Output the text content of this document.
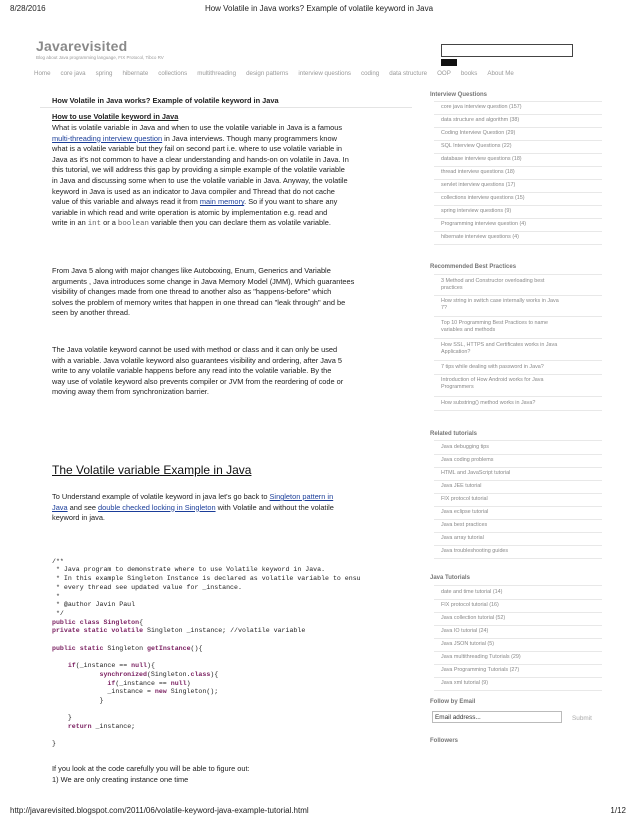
8/28/2016	How Volatile in Java works? Example of volatile keyword in Java
Javarevisited
Blog about Java programming language, FIX Protocol, Tibco RV
Home core java spring hibernate collections multithreading design patterns interview questions coding data structure OOP books About Me
How Volatile in Java works? Example of volatile keyword in Java
How to use Volatile keyword in Java
What is volatile variable in Java and when to use the volatile variable in Java is a famous
multi-threading interview question in Java interviews. Though many programmers know
what is a volatile variable but they fail on second part i.e. where to use volatile variable in
Java as it's not common to have a clear understanding and hands-on on volatile in Java. In
this tutorial, we will address this gap by providing a simple example of the volatile variable
in Java and discussing some when to use the volatile variable in Java. Anyway, the volatile
keyword in Java is used as an indicator to Java compiler and Thread that do not cache
value of this variable and always read it from main memory. So if you want to share any
variable in which read and write operation is atomic by implementation e.g. read and
write in an int or a boolean variable then you can declare them as volatile variable.
From Java 5 along with major changes like Autoboxing, Enum, Generics and Variable
arguments , Java introduces some change in Java Memory Model (JMM), Which guarantees
visibility of changes made from one thread to another also as "happens-before" which
solves the problem of memory writes that happen in one thread can "leak through" and be
seen by another thread.
The Java volatile keyword cannot be used with method or class and it can only be used
with a variable. Java volatile keyword also guarantees visibility and ordering, after Java 5
write to any volatile variable happens before any read into the volatile variable. By the
way use of volatile keyword also prevents compiler or JVM from the reordering of code or
moving away them from synchronization barrier.
The Volatile variable Example in Java
To Understand example of volatile keyword in java let's go back to Singleton pattern in
Java and see double checked locking in Singleton with Volatile and without the volatile
keyword in java.

/**
* Java program to demonstrate where to use Volatile keyword in Java.
* In this example Singleton Instance is declared as volatile variable to ensu
* every thread see updated value for _instance.
*
* @author Javin Paul
*/
public class Singleton{
private static volatile Singleton _instance; //volatile variable

public static Singleton getInstance(){

if(_instance == null){
synchronized(Singleton.class){
if(_instance == null)
_instance = new Singleton();
}

}
return _instance;

}

If you look at the code carefully you will be able to figure out:
1) We are only creating instance one time
Interview Questions
core java interview question (157)
data structure and algorithm (38)
Coding Interview Question (29)
SQL Interview Questions (22)
database interview questions (18)
thread interview questions (18)
servlet interview questions (17)
collections interview questions (15)
spring interview questions (9)
Programming interview question (4)
hibernate interview questions (4)
Recommended Best Practices
3 Method and Constructor overloading best
practices
How string in switch case internally works in Java
7?
Top 10 Programming Best Practices to name
variables and methods
How SSL, HTTPS and Certificates works in Java
Application?
7 tips while dealing with password in Java?
Introduction of How Android works for Java
Programmers
How substring() method works in Java?
Related tutorials
Java debugging tips
Java coding problems
HTML and JavaScript tutorial
Java JEE tutorial
FIX protocol tutorial
Java eclipse tutorial
Java best practices
Java array tutorial
Java troubleshooting guides
Java Tutorials
date and time tutorial (14)
FIX protocol tutorial (16)
Java collection tutorial (52)
Java IO tutorial (24)
Java JSON tutorial (5)
Java multithreading Tutorials (29)
Java Programming Tutorials (27)
Java xml tutorial (9)
Follow by Email
Email address...	Submit
Followers
http://javarevisited.blogspot.com/2011/06/volatile-keyword-java-example-tutorial.html	1/12
